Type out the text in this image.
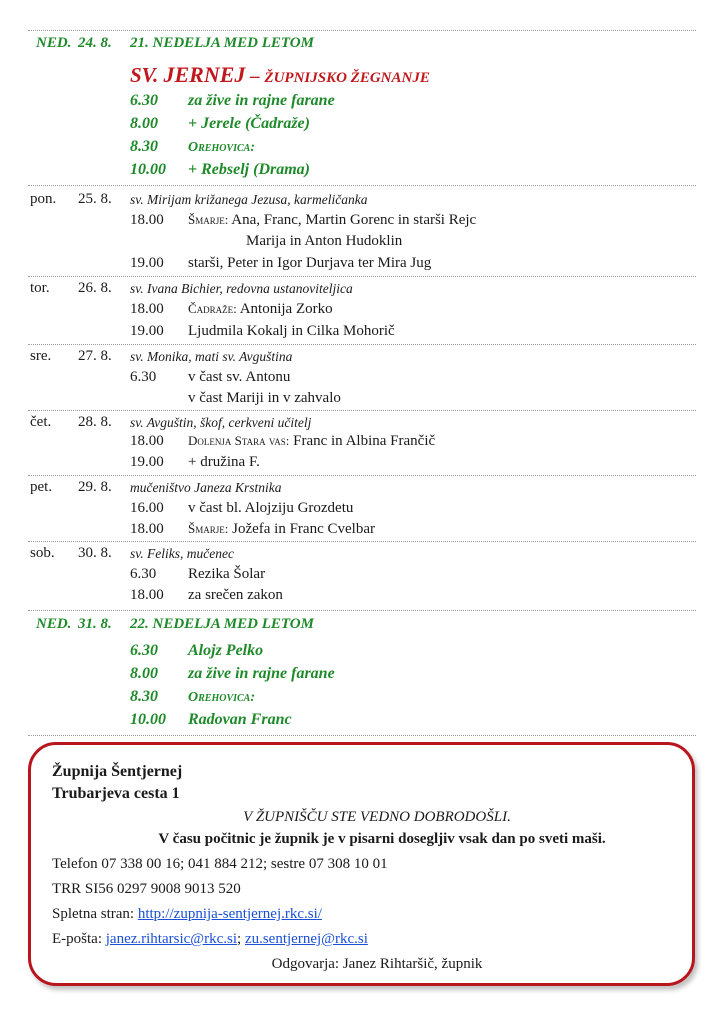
NED. 24. 8. 21. NEDELJA MED LETOM
SV. JERNEJ – ŽUPNIJSKO ŽEGNANJE
6.30 za žive in rajne farane
8.00 + Jerele (Čadraže)
8.30 Orehovica:
10.00 + Rebselj (Drama)
pon. 25. 8. sv. Mirijam križanega Jezusa, karmeličanka
18.00 Šmarje: Ana, Franc, Martin Gorenc in starši Rejc
Marija in Anton Hudoklin
19.00 starši, Peter in Igor Durjava ter Mira Jug
tor. 26. 8. sv. Ivana Bichier, redovna ustanoviteljica
18.00 Čadraže: Antonija Zorko
19.00 Ljudmila Kokalj in Cilka Mohorič
sre. 27. 8. sv. Monika, mati sv. Avguština
6.30 v čast sv. Antonu
v čast Mariji in v zahvalo
čet. 28. 8. sv. Avguštin, škof, cerkveni učitelj
18.00 Dolenja Stara vas: Franc in Albina Frančič
19.00 + družina F.
pet. 29. 8. mučeništvo Janeza Krstnika
16.00 v čast bl. Alojziju Grozdetu
18.00 Šmarje: Jožefa in Franc Cvelbar
sob. 30. 8. sv. Feliks, mučenec
6.30 Rezika Šolar
18.00 za srečen zakon
NED. 31. 8. 22. NEDELJA MED LETOM
6.30 Alojz Pelko
8.00 za žive in rajne farane
8.30 Orehovica:
10.00 Radovan Franc
Župnija Šentjernej
Trubarjeva cesta 1
V ŽUPNIŠČU STE VEDNO DOBRODOŠLI.
V času počitnic je župnik je v pisarni dosegljiv vsak dan po sveti maši.
Telefon 07 338 00 16; 041 884 212; sestre 07 308 10 01
TRR SI56 0297 9008 9013 520
Spletna stran: http://zupnija-sentjernej.rkc.si/
E-pošta: janez.rihtarsic@rkc.si; zu.sentjernej@rkc.si
Odgovarja: Janez Rihtaršič, župnik
